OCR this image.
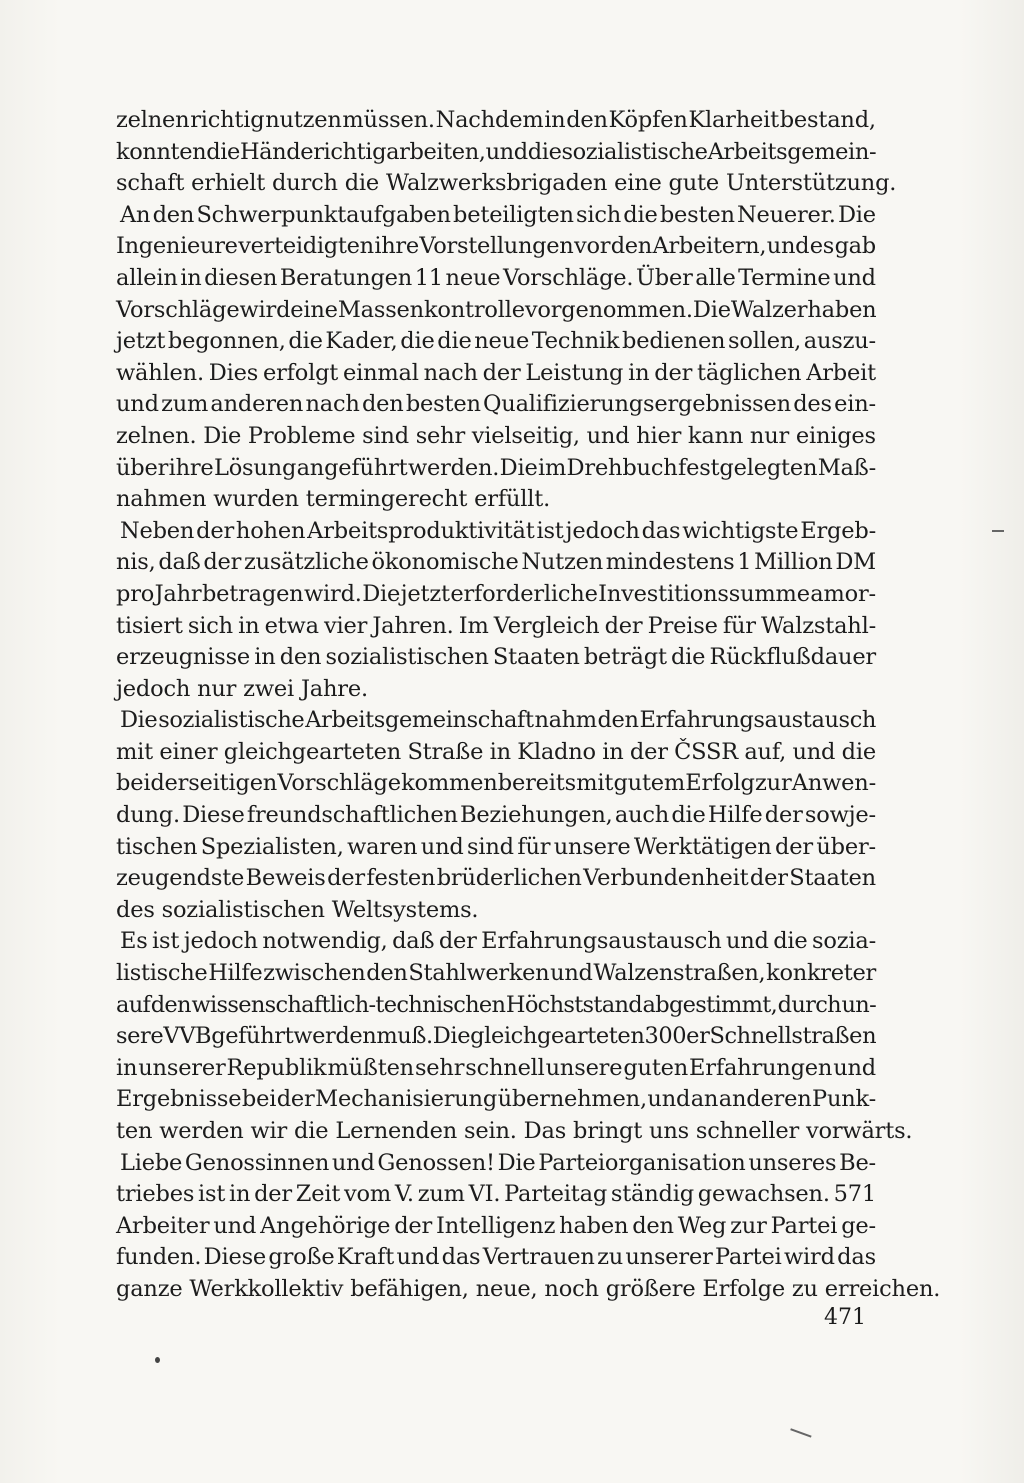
zelnen richtig nutzen müssen. Nachdem in den Köpfen Klarheit bestand,
konnten die Hände richtig arbeiten, und die sozialistische Arbeitsgemein-
schaft erhielt durch die Walzwerksbrigaden eine gute Unterstützung.
An den Schwerpunktaufgaben beteiligten sich die besten Neuerer. Die
Ingenieure verteidigten ihre Vorstellungen vor den Arbeitern, und es gab
allein in diesen Beratungen 11 neue Vorschläge. Über alle Termine und
Vorschläge wird eine Massenkontrolle vorgenommen. Die Walzer haben
jetzt begonnen, die Kader, die die neue Technik bedienen sollen, auszu-
wählen. Dies erfolgt einmal nach der Leistung in der täglichen Arbeit
und zum anderen nach den besten Qualifizierungsergebnissen des ein-
zelnen. Die Probleme sind sehr vielseitig, und hier kann nur einiges
über ihre Lösung angeführt werden. Die im Drehbuch festgelegten Maß-
nahmen wurden termingerecht erfüllt.
Neben der hohen Arbeitsproduktivität ist jedoch das wichtigste Ergeb-
nis, daß der zusätzliche ökonomische Nutzen mindestens 1 Million DM
pro Jahr betragen wird. Die jetzt erforderliche Investitionssumme amor-
tisiert sich in etwa vier Jahren. Im Vergleich der Preise für Walzstahl-
erzeugnisse in den sozialistischen Staaten beträgt die Rückflußdauer
jedoch nur zwei Jahre.
Die sozialistische Arbeitsgemeinschaft nahm den Erfahrungsaustausch
mit einer gleichgearteten Straße in Kladno in der ČSSR auf, und die
beiderseitigen Vorschläge kommen bereits mit gutem Erfolg zur Anwen-
dung. Diese freundschaftlichen Beziehungen, auch die Hilfe der sowje-
tischen Spezialisten, waren und sind für unsere Werktätigen der über-
zeugendste Beweis der festen brüderlichen Verbundenheit der Staaten
des sozialistischen Weltsystems.
Es ist jedoch notwendig, daß der Erfahrungsaustausch und die sozia-
listische Hilfe zwischen den Stahlwerken und Walzenstraßen, konkreter
auf den wissenschaftlich-technischen Höchststand abgestimmt, durch un-
sere VVB geführt werden muß. Die gleichgearteten 300er Schnellstraßen
in unserer Republik müßten sehr schnell unsere guten Erfahrungen und
Ergebnisse bei der Mechanisierung übernehmen, und an anderen Punk-
ten werden wir die Lernenden sein. Das bringt uns schneller vorwärts.
Liebe Genossinnen und Genossen! Die Parteiorganisation unseres Be-
triebes ist in der Zeit vom V. zum VI. Parteitag ständig gewachsen. 571
Arbeiter und Angehörige der Intelligenz haben den Weg zur Partei ge-
funden. Diese große Kraft und das Vertrauen zu unserer Partei wird das
ganze Werkkollektiv befähigen, neue, noch größere Erfolge zu erreichen.
471
